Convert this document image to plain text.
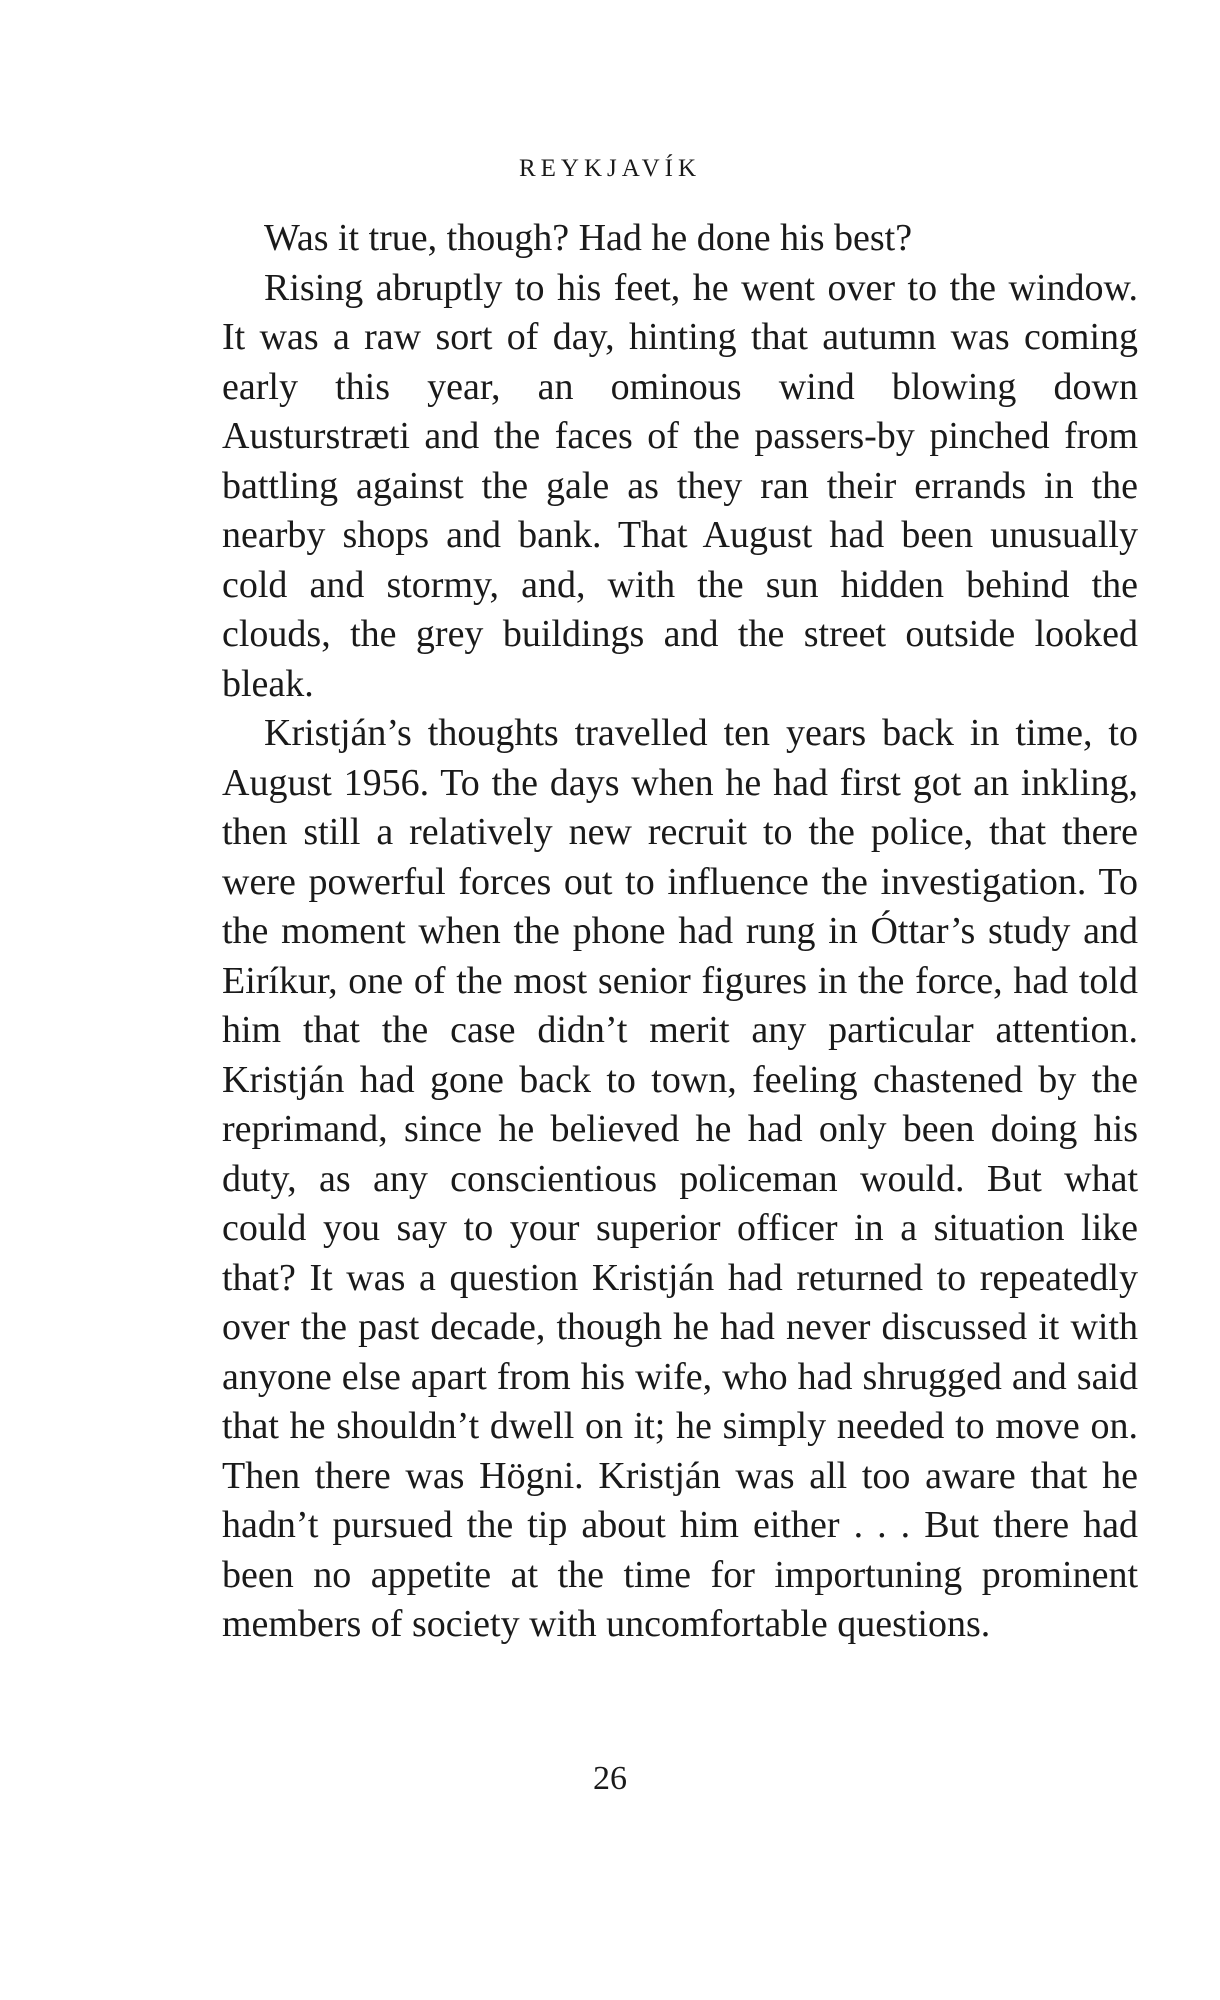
REYKJAVÍK

Was it true, though? Had he done his best?

Rising abruptly to his feet, he went over to the window. It was a raw sort of day, hinting that autumn was coming early this year, an ominous wind blowing down Austurstræti and the faces of the passers-by pinched from battling against the gale as they ran their errands in the nearby shops and bank. That August had been unusually cold and stormy, and, with the sun hidden behind the clouds, the grey buildings and the street outside looked bleak.

Kristján’s thoughts travelled ten years back in time, to August 1956. To the days when he had first got an inkling, then still a relatively new recruit to the police, that there were powerful forces out to influence the investigation. To the moment when the phone had rung in Óttar’s study and Eiríkur, one of the most senior figures in the force, had told him that the case didn’t merit any particular attention. Kristján had gone back to town, feeling chastened by the reprimand, since he believed he had only been doing his duty, as any conscientious policeman would. But what could you say to your superior officer in a situation like that? It was a question Kristján had returned to repeatedly over the past decade, though he had never discussed it with anyone else apart from his wife, who had shrugged and said that he shouldn’t dwell on it; he simply needed to move on. Then there was Högni. Kristján was all too aware that he hadn’t pursued the tip about him either . . . But there had been no appetite at the time for importuning prominent members of society with uncomfortable questions.

26
